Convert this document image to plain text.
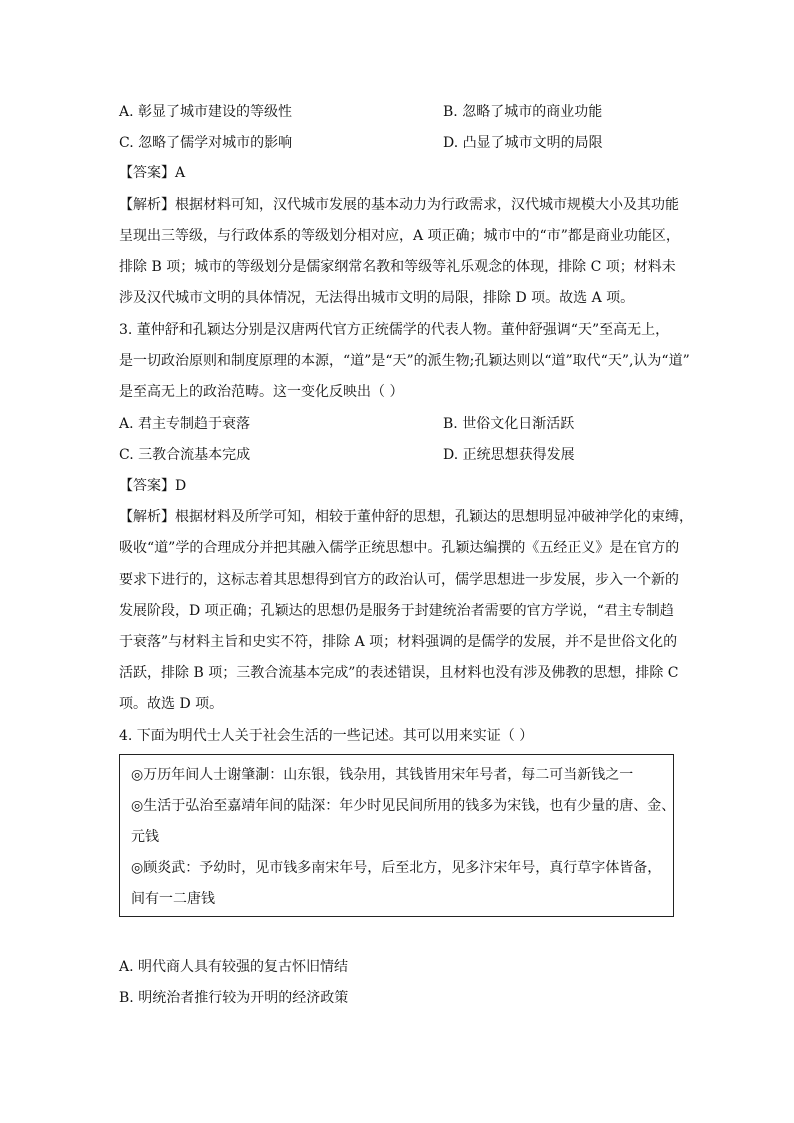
A. 彰显了城市建设的等级性	B. 忽略了城市的商业功能
C. 忽略了儒学对城市的影响	D. 凸显了城市文明的局限
【答案】A
【解析】根据材料可知，汉代城市发展的基本动力为行政需求，汉代城市规模大小及其功能
呈现出三等级，与行政体系的等级划分相对应，A 项正确；城市中的“市”都是商业功能区，
排除 B 项；城市的等级划分是儒家纲常名教和等级等礼乐观念的体现，排除 C 项；材料未
涉及汉代城市文明的具体情况，无法得出城市文明的局限，排除 D 项。故选 A 项。
3. 董仲舒和孔颖达分别是汉唐两代官方正统儒学的代表人物。董仲舒强调“天”至高无上，
是一切政治原则和制度原理的本源，“道”是“天”的派生物;孔颖达则以“道”取代“天”,认为“道”
是至高无上的政治范畴。这一变化反映出（ ）
A. 君主专制趋于衰落	B. 世俗文化日渐活跃
C. 三教合流基本完成	D. 正统思想获得发展
【答案】D
【解析】根据材料及所学可知，相较于董仲舒的思想，孔颖达的思想明显冲破神学化的束缚，
吸收“道”学的合理成分并把其融入儒学正统思想中。孔颖达编撰的《五经正义》是在官方的
要求下进行的，这标志着其思想得到官方的政治认可，儒学思想进一步发展，步入一个新的
发展阶段，D 项正确；孔颖达的思想仍是服务于封建统治者需要的官方学说，“君主专制趋
于衰落”与材料主旨和史实不符，排除 A 项；材料强调的是儒学的发展，并不是世俗文化的
活跃，排除 B 项；三教合流基本完成”的表述错误，且材料也没有涉及佛教的思想，排除 C
项。故选 D 项。
4. 下面为明代士人关于社会生活的一些记述。其可以用来实证（ ）
◎万历年间人士谢肇淛：山东银，钱杂用，其钱皆用宋年号者，每二可当新钱之一
◎生活于弘治至嘉靖年间的陆深：年少时见民间所用的钱多为宋钱，也有少量的唐、金、
元钱
◎顾炎武：予幼时，见市钱多南宋年号，后至北方，见多汴宋年号，真行草字体皆备，
间有一二唐钱
A. 明代商人具有较强的复古怀旧情结
B. 明统治者推行较为开明的经济政策
